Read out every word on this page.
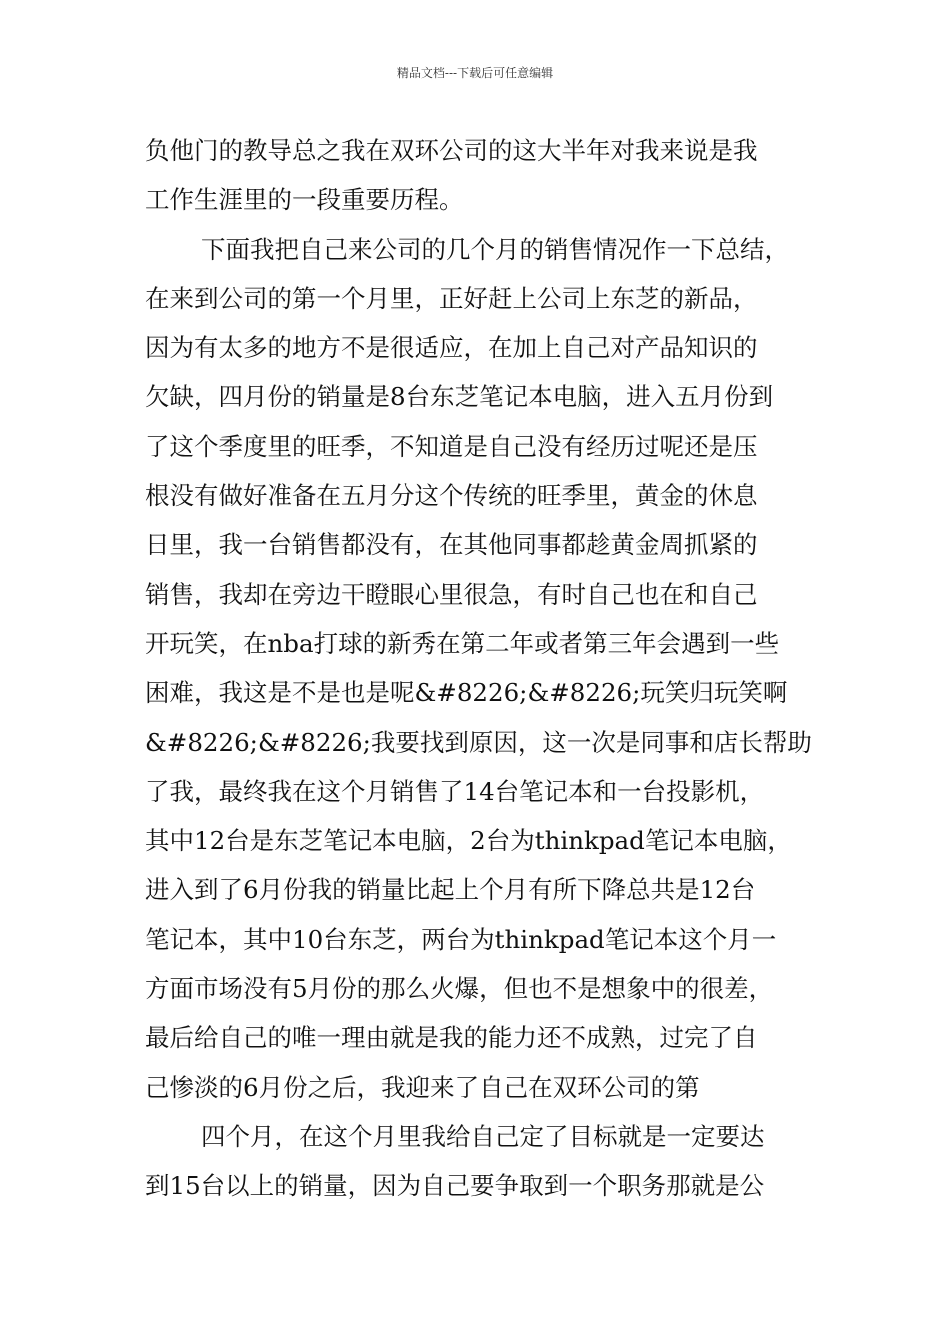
精品文档---下载后可任意编辑
负他门的教导总之我在双环公司的这大半年对我来说是我
工作生涯里的一段重要历程。
下面我把自己来公司的几个月的销售情况作一下总结，
在来到公司的第一个月里，正好赶上公司上东芝的新品，
因为有太多的地方不是很适应，在加上自己对产品知识的
欠缺，四月份的销量是8台东芝笔记本电脑，进入五月份到
了这个季度里的旺季，不知道是自己没有经历过呢还是压
根没有做好准备在五月分这个传统的旺季里，黄金的休息
日里，我一台销售都没有，在其他同事都趁黄金周抓紧的
销售，我却在旁边干瞪眼心里很急，有时自己也在和自己
开玩笑，在nba打球的新秀在第二年或者第三年会遇到一些
困难，我这是不是也是呢&#8226;&#8226;玩笑归玩笑啊
&#8226;&#8226;我要找到原因，这一次是同事和店长帮助
了我，最终我在这个月销售了14台笔记本和一台投影机，
其中12台是东芝笔记本电脑，2台为thinkpad笔记本电脑，
进入到了6月份我的销量比起上个月有所下降总共是12台
笔记本，其中10台东芝，两台为thinkpad笔记本这个月一
方面市场没有5月份的那么火爆，但也不是想象中的很差，
最后给自己的唯一理由就是我的能力还不成熟，过完了自
己惨淡的6月份之后，我迎来了自己在双环公司的第
四个月，在这个月里我给自己定了目标就是一定要达
到15台以上的销量，因为自己要争取到一个职务那就是公
